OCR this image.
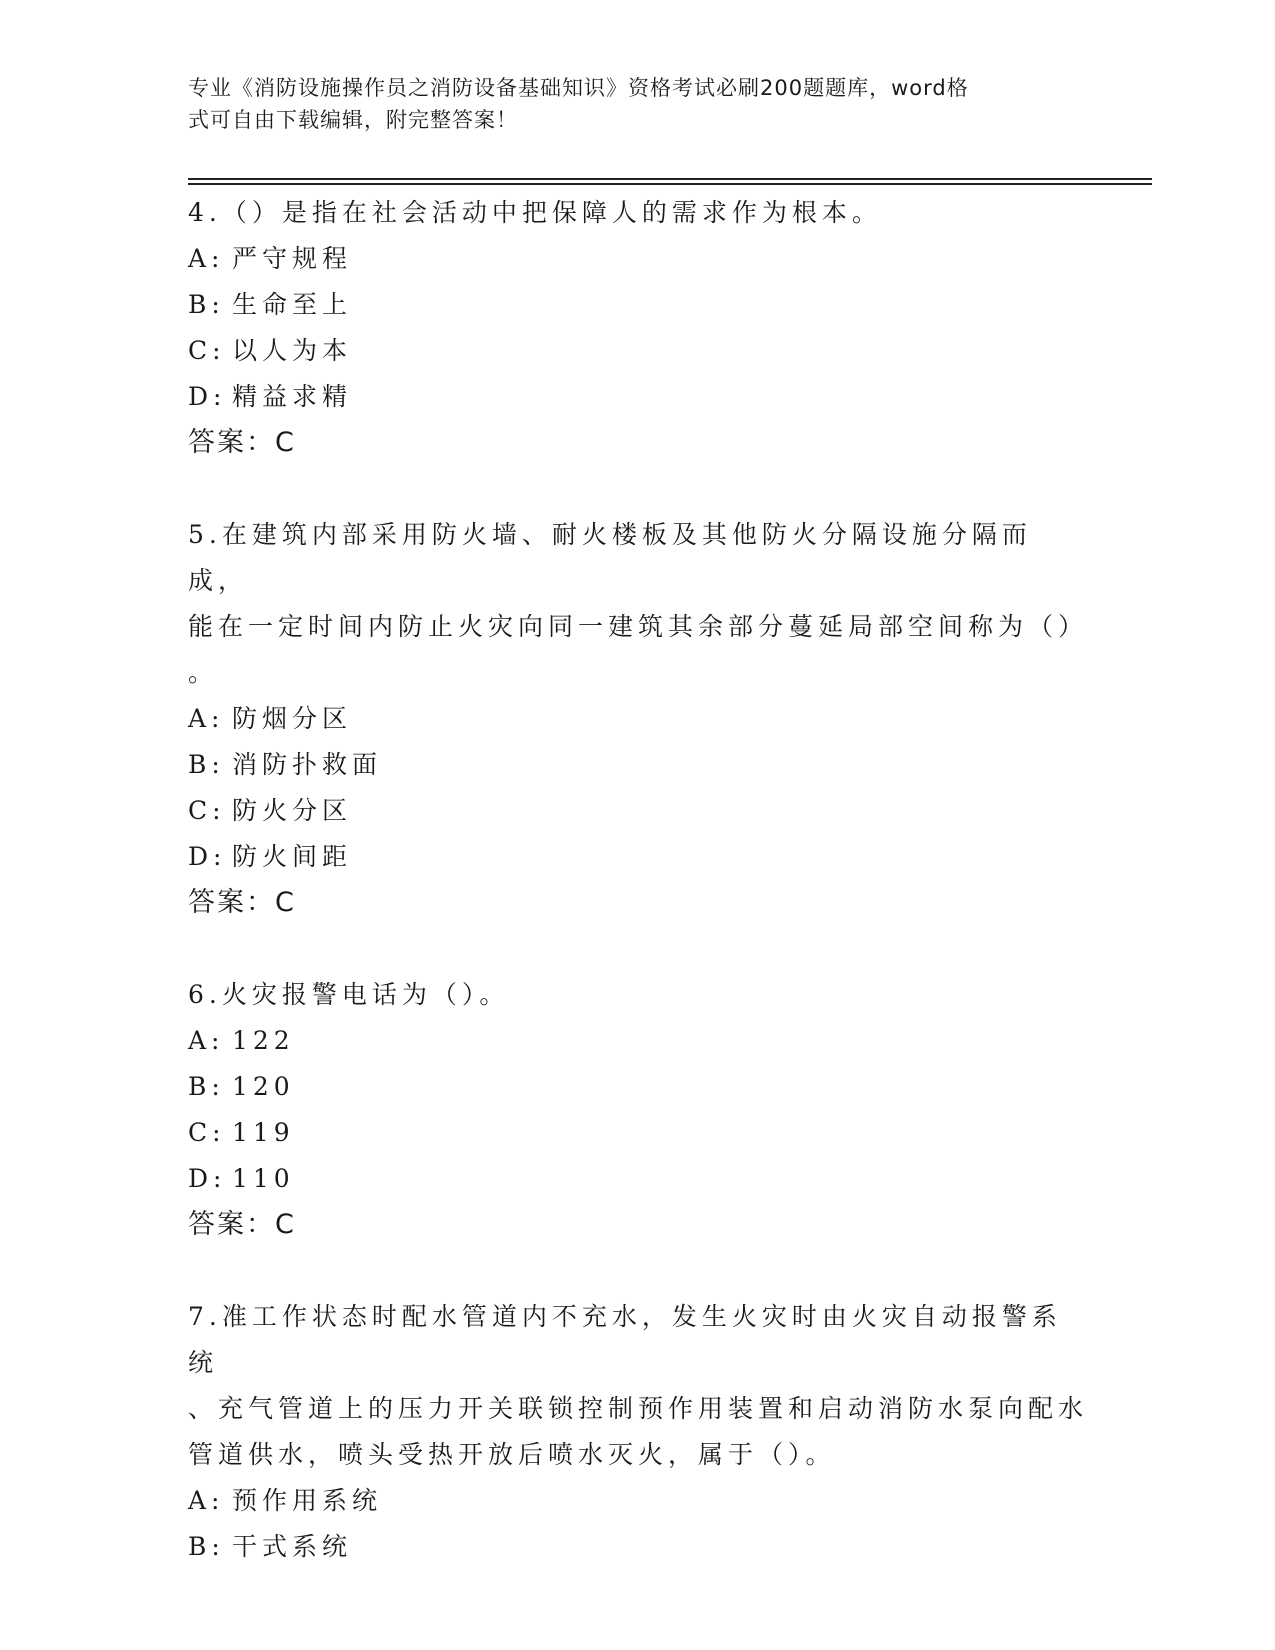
专业《消防设施操作员之消防设备基础知识》资格考试必刷200题题库，word格
式可自由下载编辑，附完整答案！

4.（）是指在社会活动中把保障人的需求作为根本。

A: 严守规程
B: 生命至上
C: 以人为本
D: 精益求精

答案：C

5.在建筑内部采用防火墙、耐火楼板及其他防火分隔设施分隔而成，

能在一定时间内防止火灾向同一建筑其余部分蔓延局部空间称为（）

。

A: 防烟分区
B: 消防扑救面
C: 防火分区
D: 防火间距

答案：C

6.火灾报警电话为（）。

A: 122
B: 120
C: 119
D: 110

答案：C

7.准工作状态时配水管道内不充水，发生火灾时由火灾自动报警系统

、充气管道上的压力开关联锁控制预作用装置和启动消防水泵向配水

管道供水，喷头受热开放后喷水灭火，属于（）。

A: 预作用系统
B: 干式系统
